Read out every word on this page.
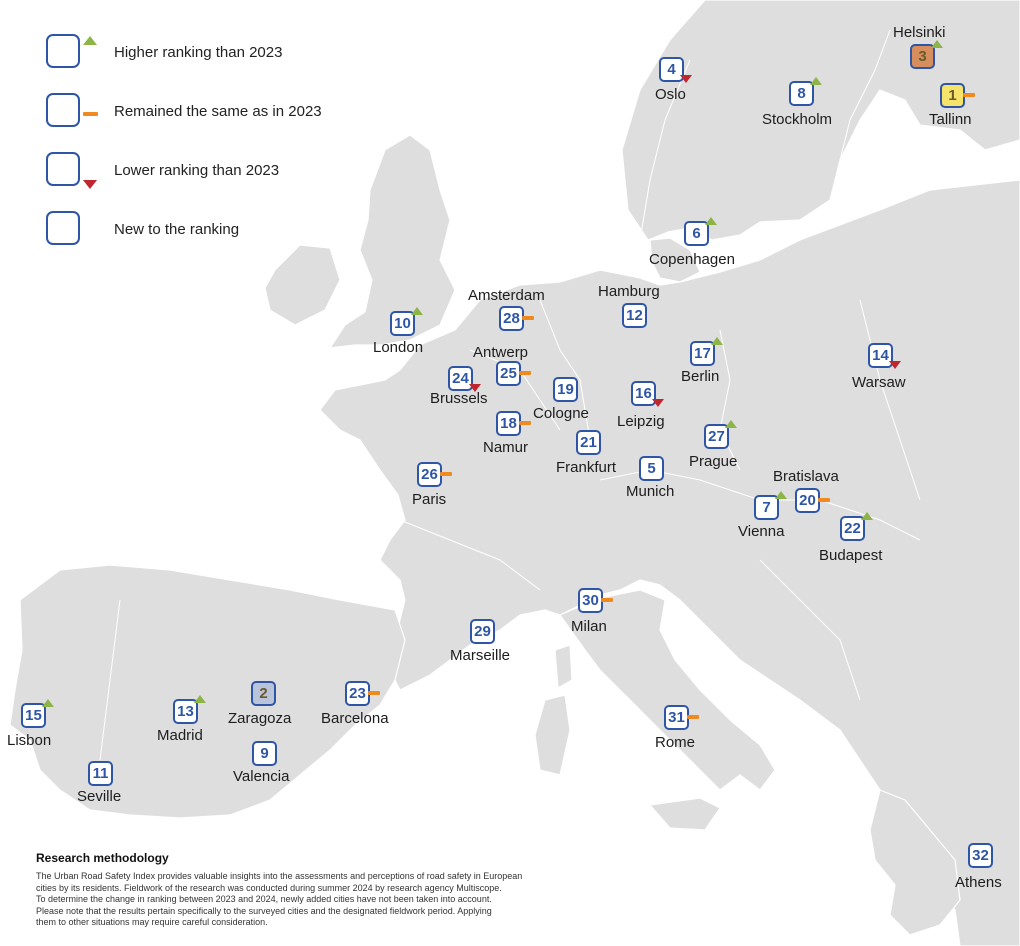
Higher ranking than 2023
Remained the same as in 2023
Lower ranking than 2023
New to the ranking
1
Tallinn
2
Zaragoza
3
Helsinki
4
Oslo
5
Munich
6
Copenhagen
7
Vienna
8
Stockholm
9
Valencia
10
London
11
Seville
12
Hamburg
13
Madrid
14
Warsaw
15
Lisbon
16
Leipzig
17
Berlin
18
Namur
19
Cologne
20
Bratislava
21
Frankfurt
22
Budapest
23
Barcelona
24
Brussels
25
Antwerp
26
Paris
27
Prague
28
Amsterdam
29
Marseille
30
Milan
31
Rome
32
Athens
Research methodology
The Urban Road Safety Index provides valuable insights into the assessments and perceptions of road safety in European
cities by its residents. Fieldwork of the research was conducted during summer 2024 by research agency Multiscope.
To determine the change in ranking between 2023 and 2024, newly added cities have not been taken into account.
Please note that the results pertain specifically to the surveyed cities and the designated fieldwork period. Applying
them to other situations may require careful consideration.
